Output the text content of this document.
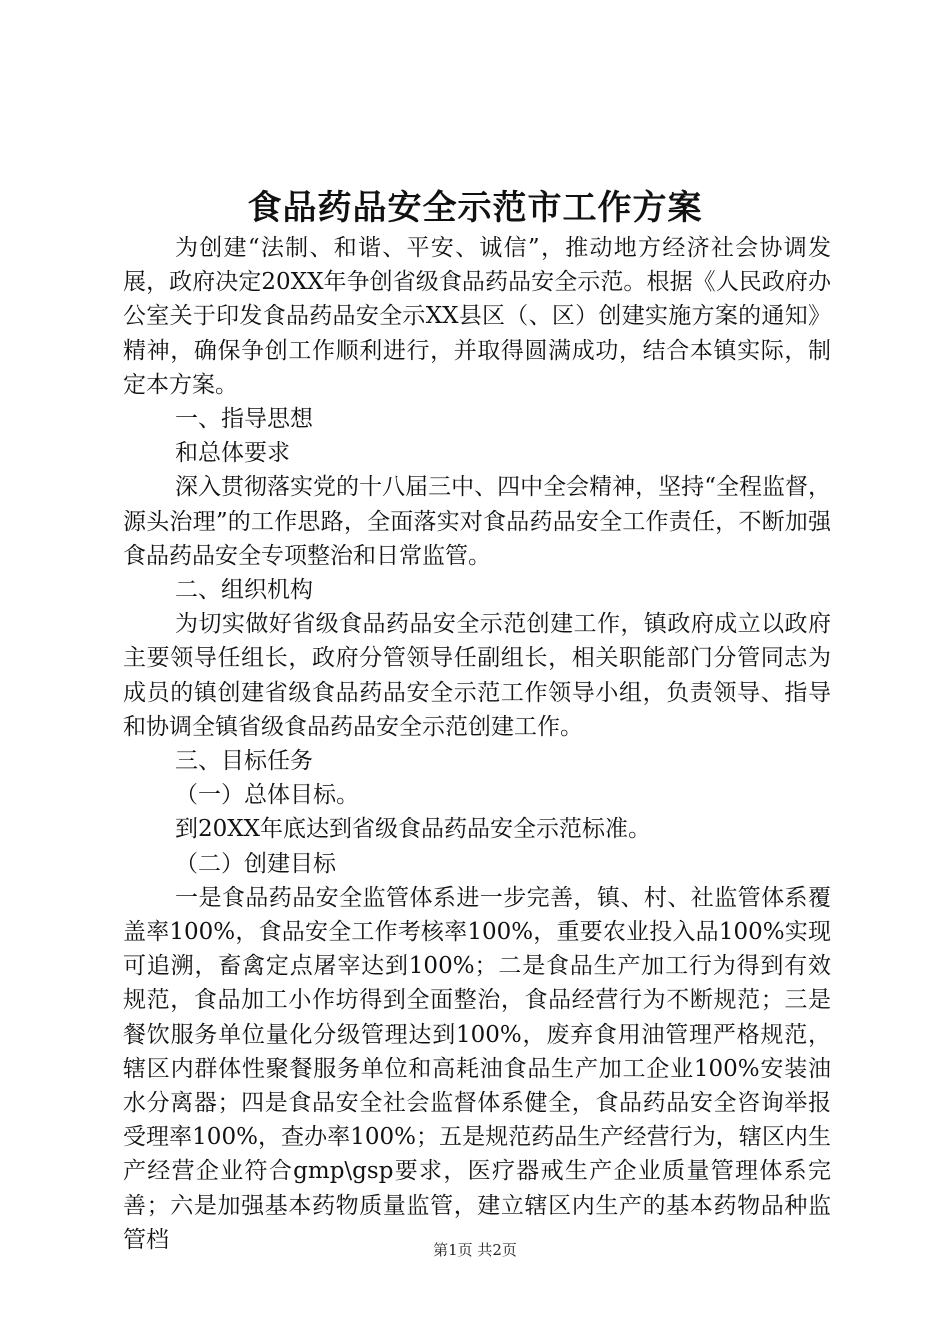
食品药品安全示范市工作方案

为创建“法制、和谐、平安、诚信”，推动地方经济社会协调发展，政府决定20XX年争创省级食品药品安全示范。根据《人民政府办公室关于印发食品药品安全示XX县区（、区）创建实施方案的通知》精神，确保争创工作顺利进行，并取得圆满成功，结合本镇实际，制定本方案。

一、指导思想

和总体要求

深入贯彻落实党的十八届三中、四中全会精神，坚持“全程监督，源头治理”的工作思路，全面落实对食品药品安全工作责任，不断加强食品药品安全专项整治和日常监管。

二、组织机构

为切实做好省级食品药品安全示范创建工作，镇政府成立以政府主要领导任组长，政府分管领导任副组长，相关职能部门分管同志为成员的镇创建省级食品药品安全示范工作领导小组，负责领导、指导和协调全镇省级食品药品安全示范创建工作。

三、目标任务

（一）总体目标。

到20XX年底达到省级食品药品安全示范标准。

（二）创建目标

一是食品药品安全监管体系进一步完善，镇、村、社监管体系覆盖率100%，食品安全工作考核率100%，重要农业投入品100%实现可追溯，畜禽定点屠宰达到100%；二是食品生产加工行为得到有效规范，食品加工小作坊得到全面整治，食品经营行为不断规范；三是餐饮服务单位量化分级管理达到100%，废弃食用油管理严格规范，辖区内群体性聚餐服务单位和高耗油食品生产加工企业100%安装油水分离器；四是食品安全社会监督体系健全，食品药品安全咨询举报受理率100%，查办率100%；五是规范药品生产经营行为，辖区内生产经营企业符合gmp\gsp要求，医疗器戒生产企业质量管理体系完善；六是加强基本药物质量监管，建立辖区内生产的基本药物品种监管档	第1页 共2页
